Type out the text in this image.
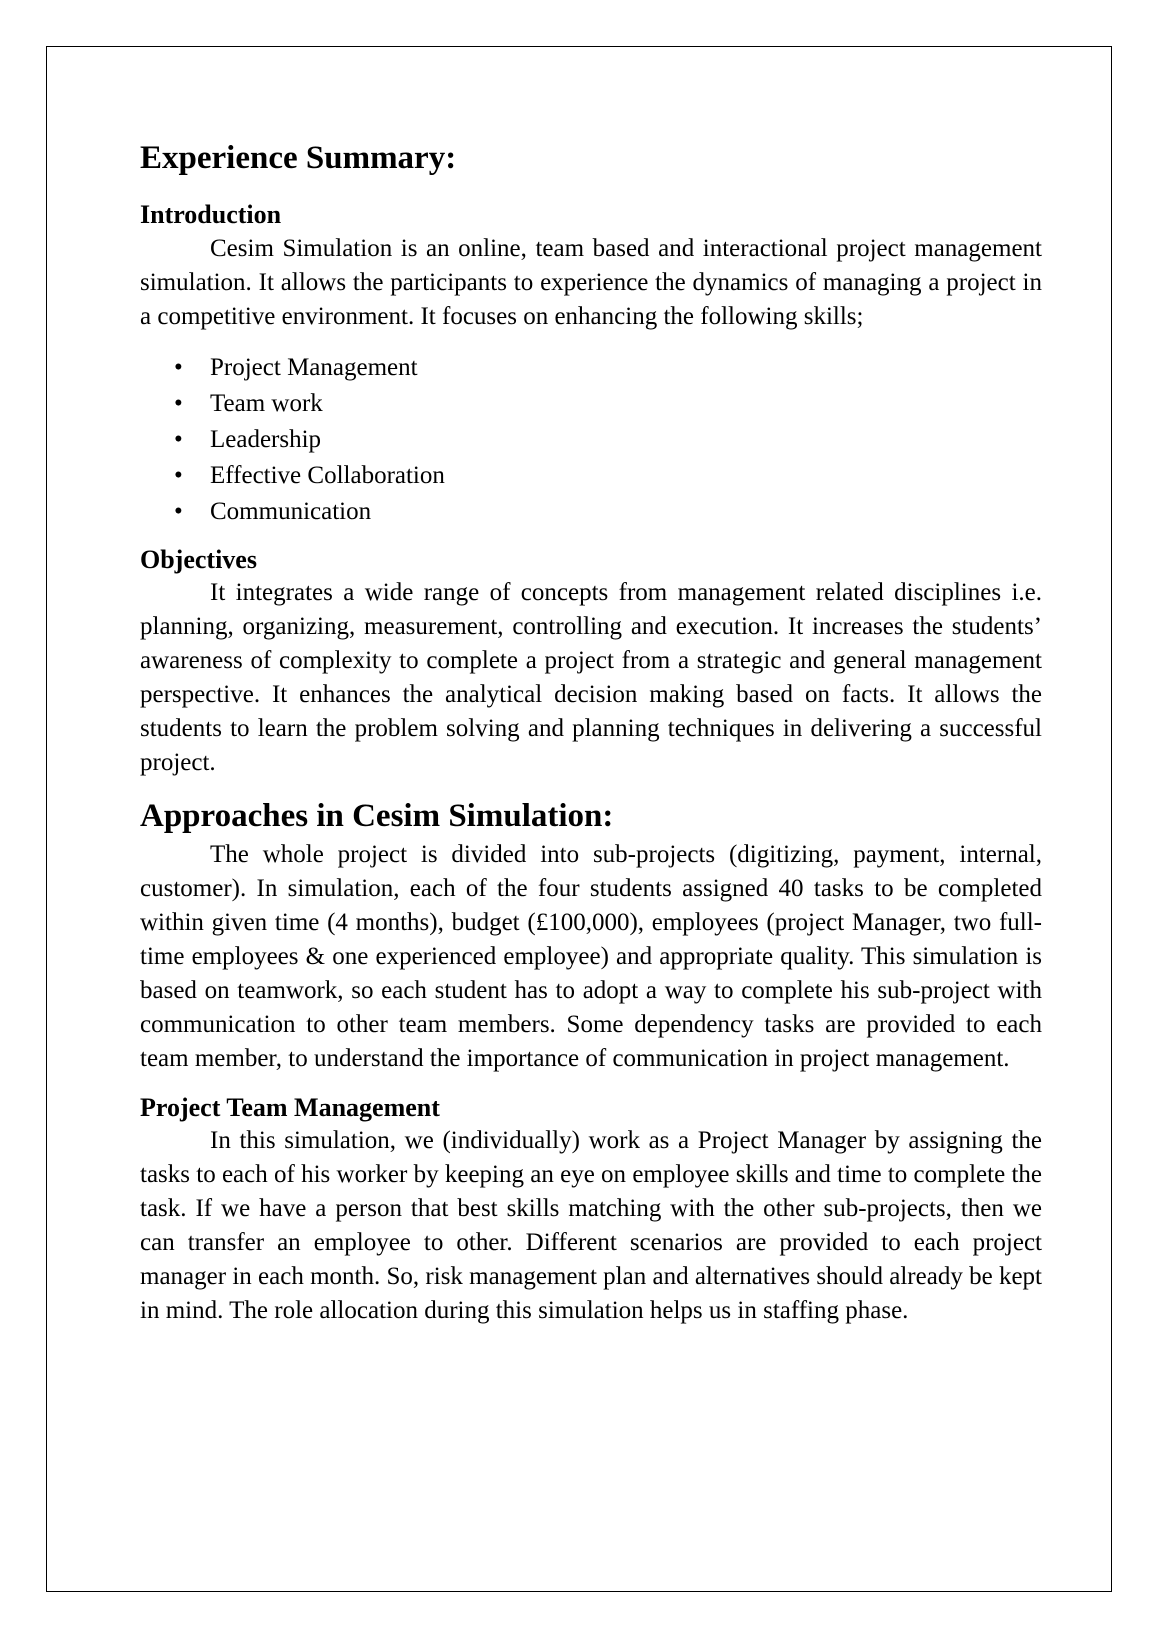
Experience Summary:
Introduction

Cesim Simulation is an online, team based and interactional project management simulation. It allows the participants to experience the dynamics of managing a project in a competitive environment. It focuses on enhancing the following skills;

• Project Management
• Team work
• Leadership
• Effective Collaboration
• Communication
Objectives

It integrates a wide range of concepts from management related disciplines i.e. planning, organizing, measurement, controlling and execution. It increases the students’ awareness of complexity to complete a project from a strategic and general management perspective. It enhances the analytical decision making based on facts. It allows the students to learn the problem solving and planning techniques in delivering a successful project.

Approaches in Cesim Simulation:

The whole project is divided into sub-projects (digitizing, payment, internal, customer). In simulation, each of the four students assigned 40 tasks to be completed within given time (4 months), budget (£100,000), employees (project Manager, two full-time employees & one experienced employee) and appropriate quality. This simulation is based on teamwork, so each student has to adopt a way to complete his sub-project with communication to other team members. Some dependency tasks are provided to each team member, to understand the importance of communication in project management.

Project Team Management

In this simulation, we (individually) work as a Project Manager by assigning the tasks to each of his worker by keeping an eye on employee skills and time to complete the task. If we have a person that best skills matching with the other sub-projects, then we can transfer an employee to other. Different scenarios are provided to each project manager in each month. So, risk management plan and alternatives should already be kept in mind. The role allocation during this simulation helps us in staffing phase.
